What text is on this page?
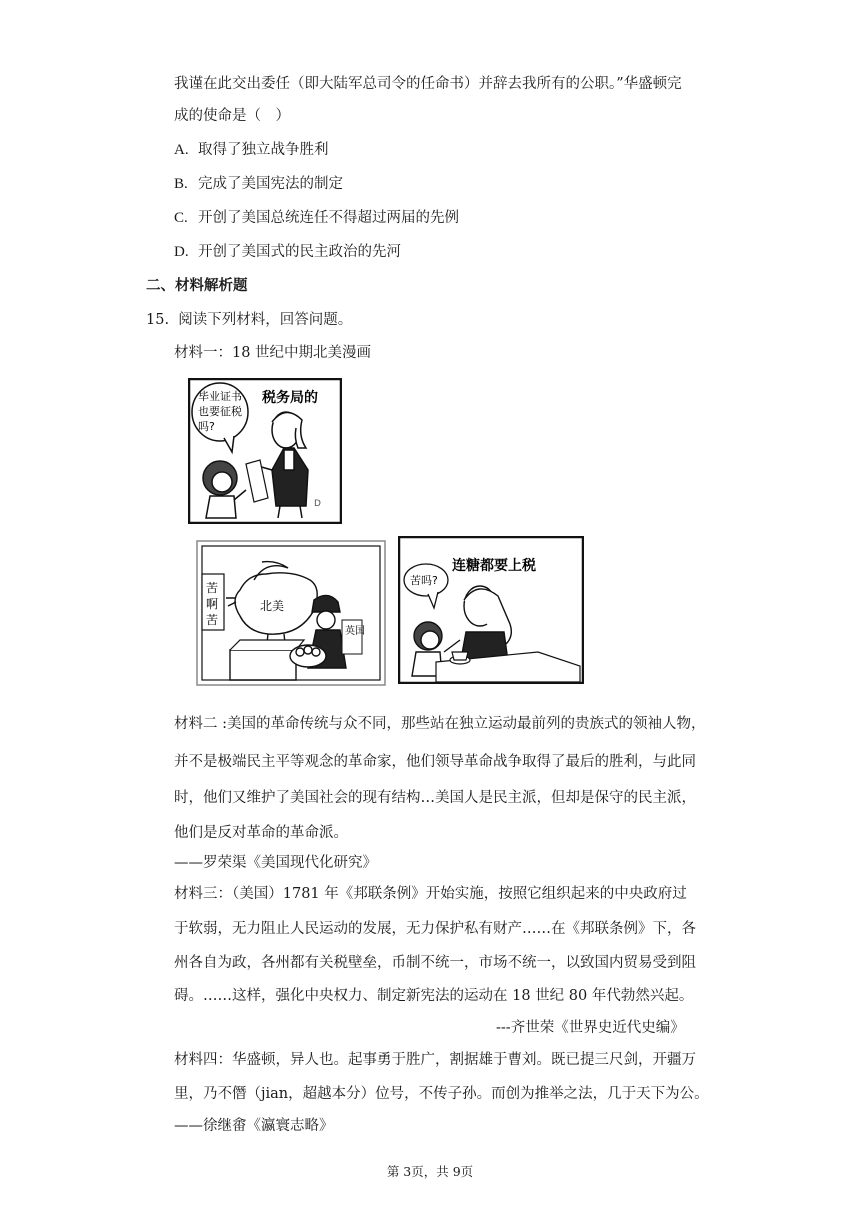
我谨在此交出委任（即大陆军总司令的任命书）并辞去我所有的公职。”华盛顿完
成的使命是（　）
A. 取得了独立战争胜利
B. 完成了美国宪法的制定
C. 开创了美国总统连任不得超过两届的先例
D. 开创了美国式的民主政治的先河
二、材料解析题
15. 阅读下列材料，回答问题。
材料一：18 世纪中期北美漫画
毕业证书
也要征税
吗?
税务局的
D
苦
啊
苦
北美
英国
连糖都要上税
苦吗?
材料二 :美国的革命传统与众不同，那些站在独立运动最前列的贵族式的领袖人物，
并不是极端民主平等观念的革命家，他们领导革命战争取得了最后的胜利，与此同
时，他们又维护了美国社会的现有结构…美国人是民主派，但却是保守的民主派，
他们是反对革命的革命派。
——罗荣渠《美国现代化研究》
材料三：（美国）1781 年《邦联条例》开始实施，按照它组织起来的中央政府过
于软弱，无力阻止人民运动的发展，无力保护私有财产……在《邦联条例》下，各
州各自为政，各州都有关税壁垒，币制不统一，市场不统一，以致国内贸易受到阻
碍。……这样，强化中央权力、制定新宪法的运动在 18 世纪 80 年代勃然兴起。
---齐世荣《世界史近代史编》
材料四：华盛顿，异人也。起事勇于胜广，割据雄于曹刘。既已提三尺剑，开疆万
里，乃不僭（jian，超越本分）位号，不传子孙。而创为推举之法，几于天下为公。
——徐继畬《瀛寰志略》
第 3页，共 9页
